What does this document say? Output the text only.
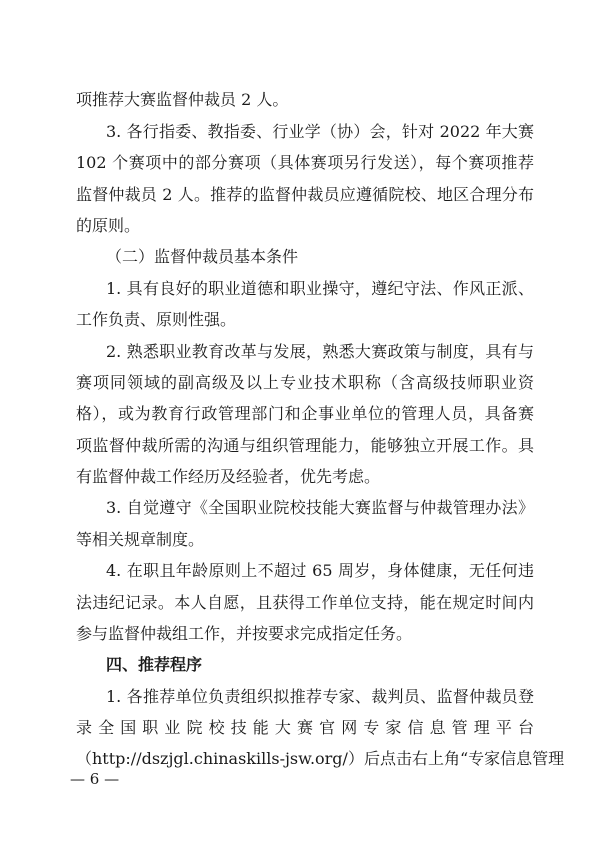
项推荐大赛监督仲裁员 2 人。
3. 各行指委、教指委、行业学（协）会，针对 2022 年大赛
102 个赛项中的部分赛项（具体赛项另行发送），每个赛项推荐
监督仲裁员 2 人。推荐的监督仲裁员应遵循院校、地区合理分布
的原则。
（二）监督仲裁员基本条件
1. 具有良好的职业道德和职业操守，遵纪守法、作风正派、
工作负责、原则性强。
2. 熟悉职业教育改革与发展，熟悉大赛政策与制度，具有与
赛项同领域的副高级及以上专业技术职称（含高级技师职业资
格），或为教育行政管理部门和企事业单位的管理人员，具备赛
项监督仲裁所需的沟通与组织管理能力，能够独立开展工作。具
有监督仲裁工作经历及经验者，优先考虑。
3. 自觉遵守《全国职业院校技能大赛监督与仲裁管理办法》
等相关规章制度。
4. 在职且年龄原则上不超过 65 周岁，身体健康，无任何违
法违纪记录。本人自愿，且获得工作单位支持，能在规定时间内
参与监督仲裁组工作，并按要求完成指定任务。
四、推荐程序
1. 各推荐单位负责组织拟推荐专家、裁判员、监督仲裁员登
录全国职业院校技能大赛官网专家信息管理平台
（http://dszjgl.chinaskills-jsw.org/）后点击右上角“专家信息管理
— 6 —
